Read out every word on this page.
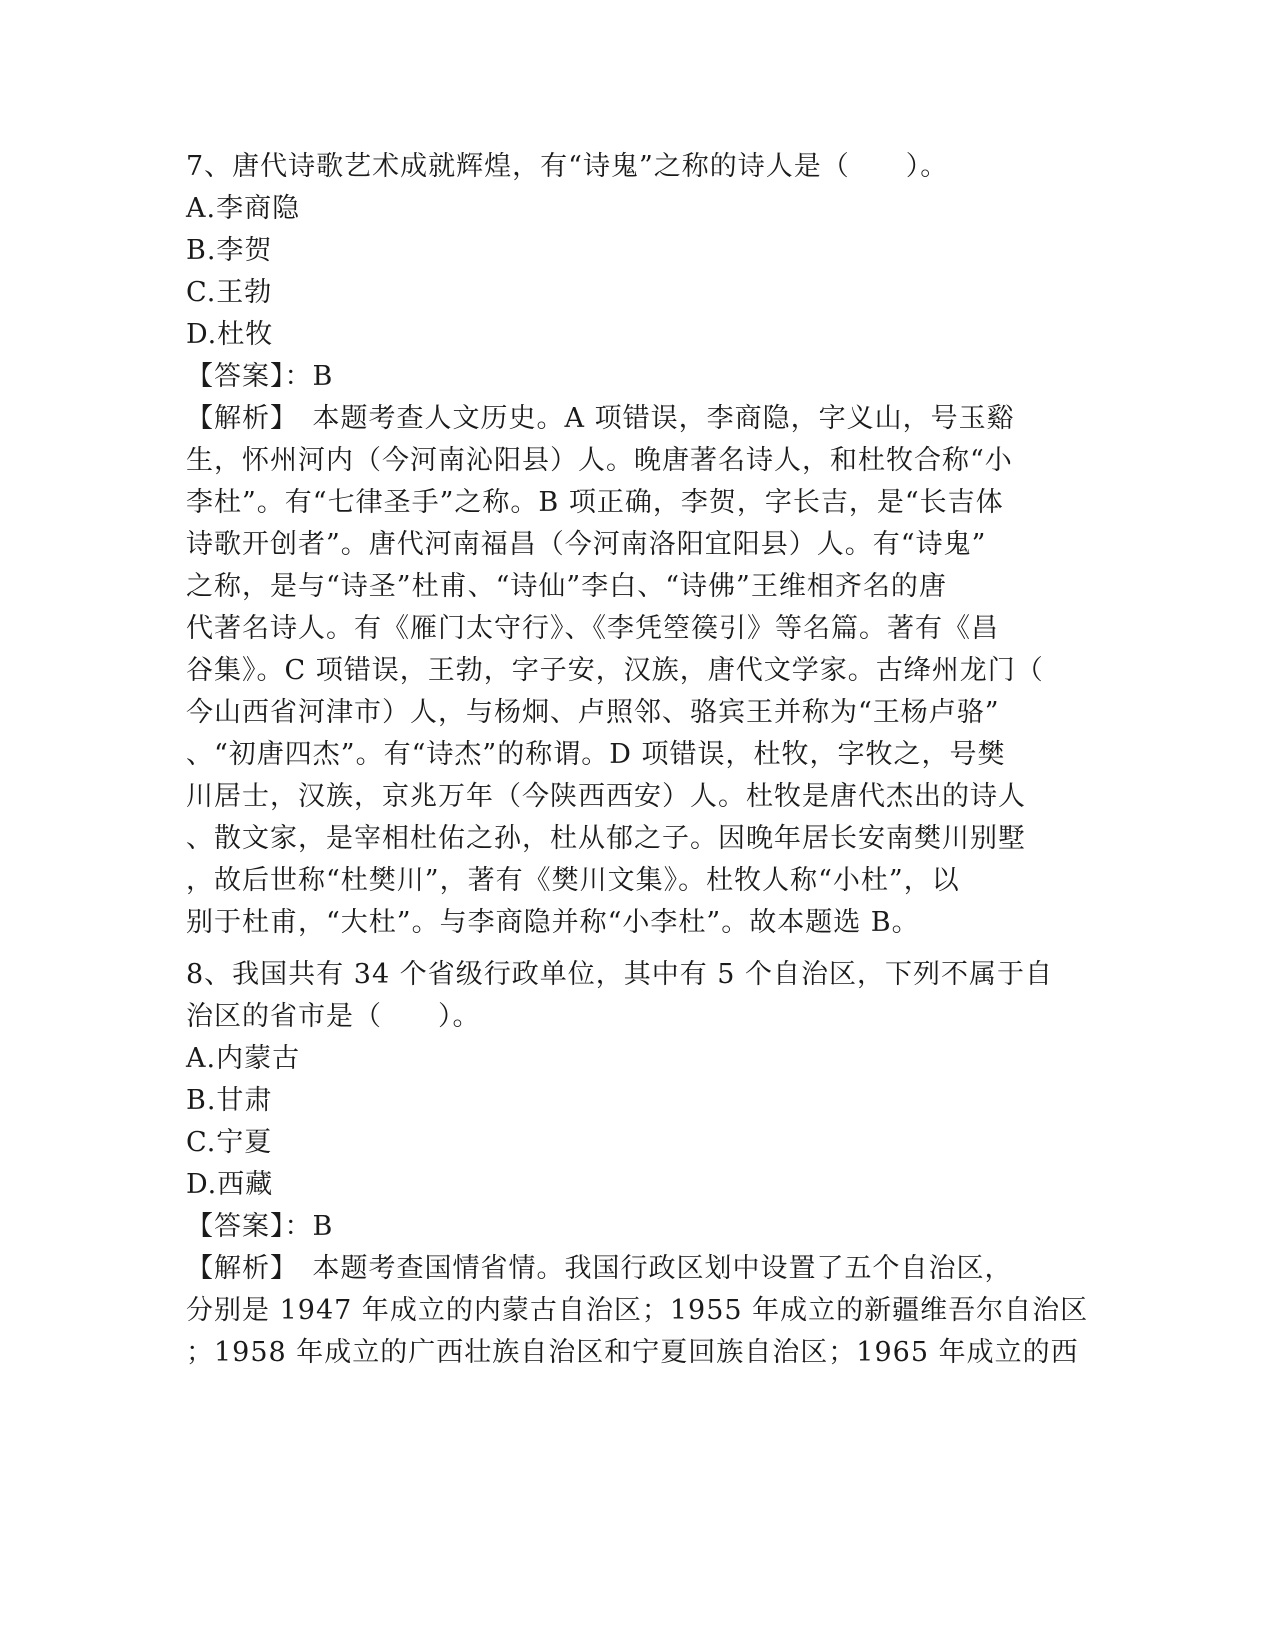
7、唐代诗歌艺术成就辉煌，有“诗鬼”之称的诗人是（　　）。
A.李商隐
B.李贺
C.王勃
D.杜牧
【答案】：B
【解析】　本题考查人文历史。A 项错误，李商隐，字义山，号玉谿
生，怀州河内（今河南沁阳县）人。晚唐著名诗人，和杜牧合称“小
李杜”。有“七律圣手”之称。B 项正确，李贺，字长吉，是“长吉体
诗歌开创者”。唐代河南福昌（今河南洛阳宜阳县）人。有“诗鬼”
之称，是与“诗圣”杜甫、“诗仙”李白、“诗佛”王维相齐名的唐
代著名诗人。有《雁门太守行》、《李凭箜篌引》等名篇。著有《昌
谷集》。C 项错误，王勃，字子安，汉族，唐代文学家。古绛州龙门（
今山西省河津市）人，与杨炯、卢照邻、骆宾王并称为“王杨卢骆”
、“初唐四杰”。有“诗杰”的称谓。D 项错误，杜牧，字牧之，号樊
川居士，汉族，京兆万年（今陕西西安）人。杜牧是唐代杰出的诗人
、散文家，是宰相杜佑之孙，杜从郁之子。因晚年居长安南樊川别墅
，故后世称“杜樊川”，著有《樊川文集》。杜牧人称“小杜”，以
别于杜甫，“大杜”。与李商隐并称“小李杜”。故本题选 B。
8、我国共有 34 个省级行政单位，其中有 5 个自治区，下列不属于自
治区的省市是（　　）。
A.内蒙古
B.甘肃
C.宁夏
D.西藏
【答案】：B
【解析】　本题考查国情省情。我国行政区划中设置了五个自治区，
分别是 1947 年成立的内蒙古自治区；1955 年成立的新疆维吾尔自治区
；1958 年成立的广西壮族自治区和宁夏回族自治区；1965 年成立的西
